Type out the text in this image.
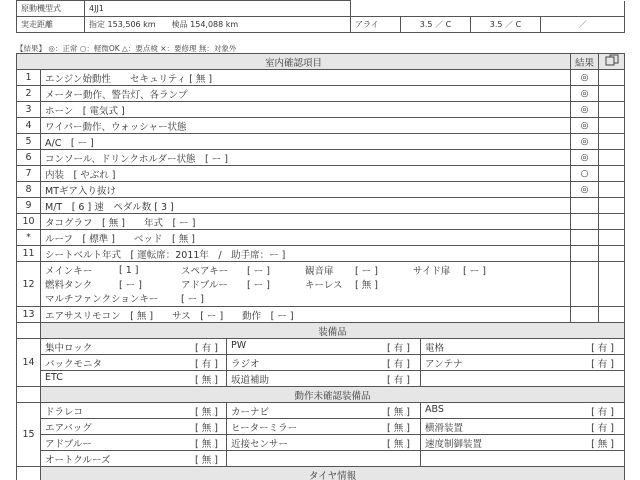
原動機型式	4JJ1				
実走距離	指定 153,506 km　　検品 154,088 km	アライ	3.5 ／ C	3.5 ／ C	／
【結果】 ◎：正常 ○：軽微OK △：要点検 ×：要修理 無：対象外
室内確認項目	結果	
1	エンジン始動性　　セキュリティ [ 無 ]	◎	
2	メーター動作、警告灯、各ランプ	◎	
3	ホーン　[ 電気式 ]	◎	
4	ワイパー動作、ウォッシャー状態	◎	
5	A/C　[ ー ]	◎	
6	コンソール、ドリンクホルダー状態　[ ー ]	◎	
7	内装　[ やぶれ ]	○	
8	MTギア入り抜け	◎	
9	M/T　[ 6 ] 速　ペダル数 [ 3 ]		
10	タコグラフ　[ 無 ]　　年式　[ ー ]		
*	ルーフ　[ 標準 ]　　ベッド　[ 無 ]		
11	シートベルト年式　[ 運転席：2011年　/　助手席：ー ]		
12	
メインキー	[ 1 ]	スペアキー	[ ー ]	観音扉	[ ー ]	サイド扉	[ ー ]
燃料タンク	[ ー ]	アドブルー	[ ー ]	キーレス	[ 無 ]		
マルチファンクションキー	[ ー ]						

13	エアサスリモコン　[ 無 ]　　サス　[ ー ]　　動作　[ ー ]		
	装備品
14	
集中ロック	[ 有 ]	PW	[ 有 ]	電格	[ 有 ]

バックモニタ	[ 有 ]	ラジオ	[ 有 ]	アンテナ	[ 有 ]

ETC	[ 無 ]	坂道補助	[ 有 ]

	動作未確認装備品
15	
ドラレコ	[ 無 ]	カーナビ	[ 無 ]	ABS	[ 有 ]

エアバッグ	[ 無 ]	ヒーターミラー	[ 無 ]	横滑装置	[ 有 ]

アドブルー	[ 無 ]	近接センサー	[ 無 ]	速度制御装置	[ 無 ]

オートクルーズ	[ 無 ]

	タイヤ情報
